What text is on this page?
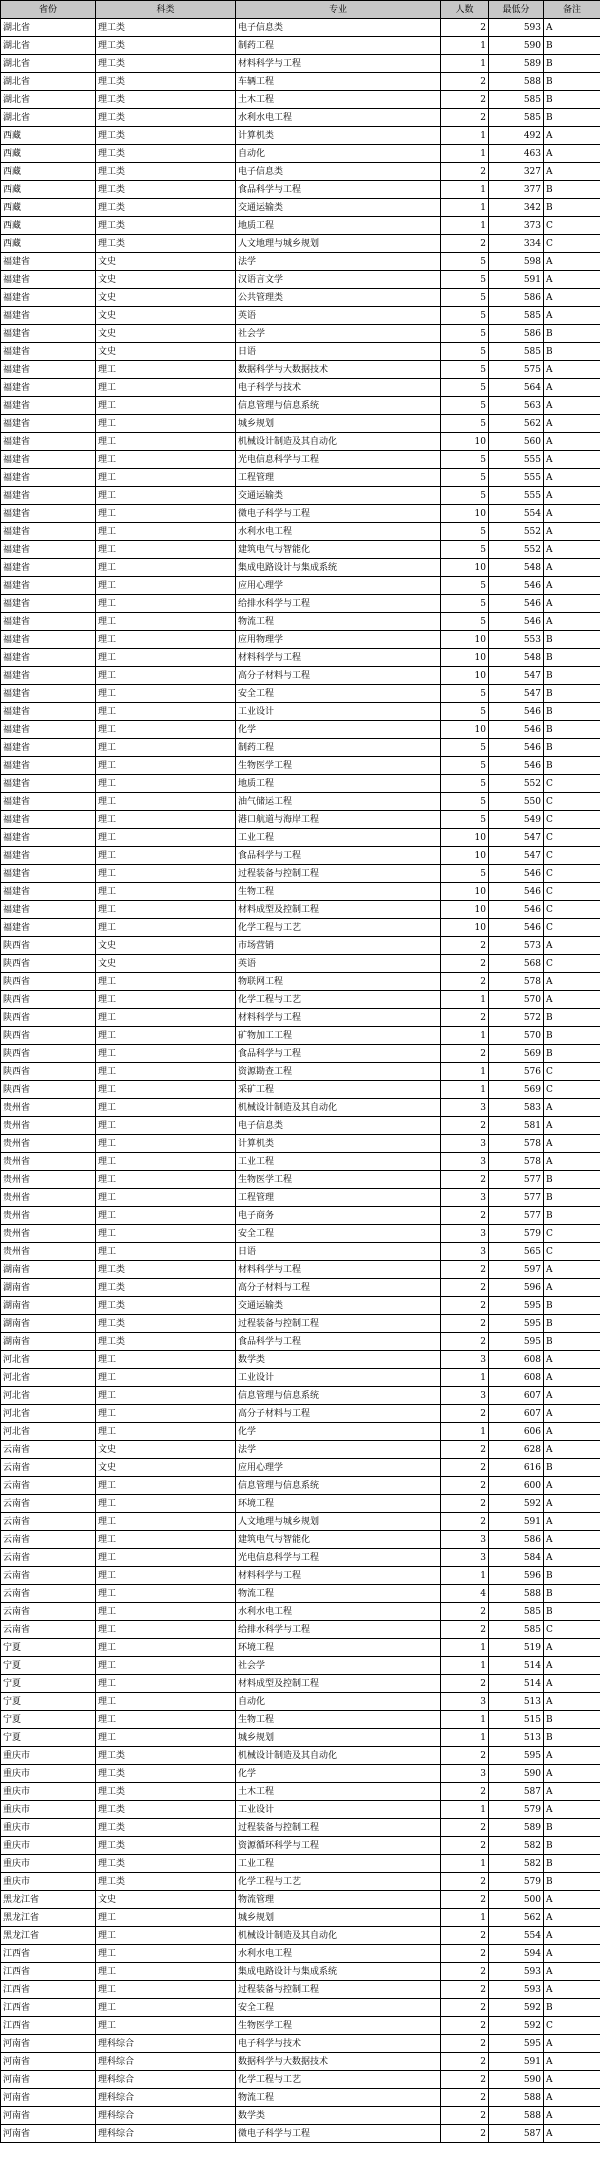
省份	科类	专业	人数	最低分	备注
湖北省	理工类	电子信息类	2	593	A
湖北省	理工类	制药工程	1	590	B
湖北省	理工类	材料科学与工程	1	589	B
湖北省	理工类	车辆工程	2	588	B
湖北省	理工类	土木工程	2	585	B
湖北省	理工类	水利水电工程	2	585	B
西藏	理工类	计算机类	1	492	A
西藏	理工类	自动化	1	463	A
西藏	理工类	电子信息类	2	327	A
西藏	理工类	食品科学与工程	1	377	B
西藏	理工类	交通运输类	1	342	B
西藏	理工类	地质工程	1	373	C
西藏	理工类	人文地理与城乡规划	2	334	C
福建省	文史	法学	5	598	A
福建省	文史	汉语言文学	5	591	A
福建省	文史	公共管理类	5	586	A
福建省	文史	英语	5	585	A
福建省	文史	社会学	5	586	B
福建省	文史	日语	5	585	B
福建省	理工	数据科学与大数据技术	5	575	A
福建省	理工	电子科学与技术	5	564	A
福建省	理工	信息管理与信息系统	5	563	A
福建省	理工	城乡规划	5	562	A
福建省	理工	机械设计制造及其自动化	10	560	A
福建省	理工	光电信息科学与工程	5	555	A
福建省	理工	工程管理	5	555	A
福建省	理工	交通运输类	5	555	A
福建省	理工	微电子科学与工程	10	554	A
福建省	理工	水利水电工程	5	552	A
福建省	理工	建筑电气与智能化	5	552	A
福建省	理工	集成电路设计与集成系统	10	548	A
福建省	理工	应用心理学	5	546	A
福建省	理工	给排水科学与工程	5	546	A
福建省	理工	物流工程	5	546	A
福建省	理工	应用物理学	10	553	B
福建省	理工	材料科学与工程	10	548	B
福建省	理工	高分子材料与工程	10	547	B
福建省	理工	安全工程	5	547	B
福建省	理工	工业设计	5	546	B
福建省	理工	化学	10	546	B
福建省	理工	制药工程	5	546	B
福建省	理工	生物医学工程	5	546	B
福建省	理工	地质工程	5	552	C
福建省	理工	油气储运工程	5	550	C
福建省	理工	港口航道与海岸工程	5	549	C
福建省	理工	工业工程	10	547	C
福建省	理工	食品科学与工程	10	547	C
福建省	理工	过程装备与控制工程	5	546	C
福建省	理工	生物工程	10	546	C
福建省	理工	材料成型及控制工程	10	546	C
福建省	理工	化学工程与工艺	10	546	C
陕西省	文史	市场营销	2	573	A
陕西省	文史	英语	2	568	C
陕西省	理工	物联网工程	2	578	A
陕西省	理工	化学工程与工艺	1	570	A
陕西省	理工	材料科学与工程	2	572	B
陕西省	理工	矿物加工工程	1	570	B
陕西省	理工	食品科学与工程	2	569	B
陕西省	理工	资源勘查工程	1	576	C
陕西省	理工	采矿工程	1	569	C
贵州省	理工	机械设计制造及其自动化	3	583	A
贵州省	理工	电子信息类	2	581	A
贵州省	理工	计算机类	3	578	A
贵州省	理工	工业工程	3	578	A
贵州省	理工	生物医学工程	2	577	B
贵州省	理工	工程管理	3	577	B
贵州省	理工	电子商务	2	577	B
贵州省	理工	安全工程	3	579	C
贵州省	理工	日语	3	565	C
湖南省	理工类	材料科学与工程	2	597	A
湖南省	理工类	高分子材料与工程	2	596	A
湖南省	理工类	交通运输类	2	595	B
湖南省	理工类	过程装备与控制工程	2	595	B
湖南省	理工类	食品科学与工程	2	595	B
河北省	理工	数学类	3	608	A
河北省	理工	工业设计	1	608	A
河北省	理工	信息管理与信息系统	3	607	A
河北省	理工	高分子材料与工程	2	607	A
河北省	理工	化学	1	606	A
云南省	文史	法学	2	628	A
云南省	文史	应用心理学	2	616	B
云南省	理工	信息管理与信息系统	2	600	A
云南省	理工	环境工程	2	592	A
云南省	理工	人文地理与城乡规划	2	591	A
云南省	理工	建筑电气与智能化	3	586	A
云南省	理工	光电信息科学与工程	3	584	A
云南省	理工	材料科学与工程	1	596	B
云南省	理工	物流工程	4	588	B
云南省	理工	水利水电工程	2	585	B
云南省	理工	给排水科学与工程	2	585	C
宁夏	理工	环境工程	1	519	A
宁夏	理工	社会学	1	514	A
宁夏	理工	材料成型及控制工程	2	514	A
宁夏	理工	自动化	3	513	A
宁夏	理工	生物工程	1	515	B
宁夏	理工	城乡规划	1	513	B
重庆市	理工类	机械设计制造及其自动化	2	595	A
重庆市	理工类	化学	3	590	A
重庆市	理工类	土木工程	2	587	A
重庆市	理工类	工业设计	1	579	A
重庆市	理工类	过程装备与控制工程	2	589	B
重庆市	理工类	资源循环科学与工程	2	582	B
重庆市	理工类	工业工程	1	582	B
重庆市	理工类	化学工程与工艺	2	579	B
黑龙江省	文史	物流管理	2	500	A
黑龙江省	理工	城乡规划	1	562	A
黑龙江省	理工	机械设计制造及其自动化	2	554	A
江西省	理工	水利水电工程	2	594	A
江西省	理工	集成电路设计与集成系统	2	593	A
江西省	理工	过程装备与控制工程	2	593	A
江西省	理工	安全工程	2	592	B
江西省	理工	生物医学工程	2	592	C
河南省	理科综合	电子科学与技术	2	595	A
河南省	理科综合	数据科学与大数据技术	2	591	A
河南省	理科综合	化学工程与工艺	2	590	A
河南省	理科综合	物流工程	2	588	A
河南省	理科综合	数学类	2	588	A
河南省	理科综合	微电子科学与工程	2	587	A
